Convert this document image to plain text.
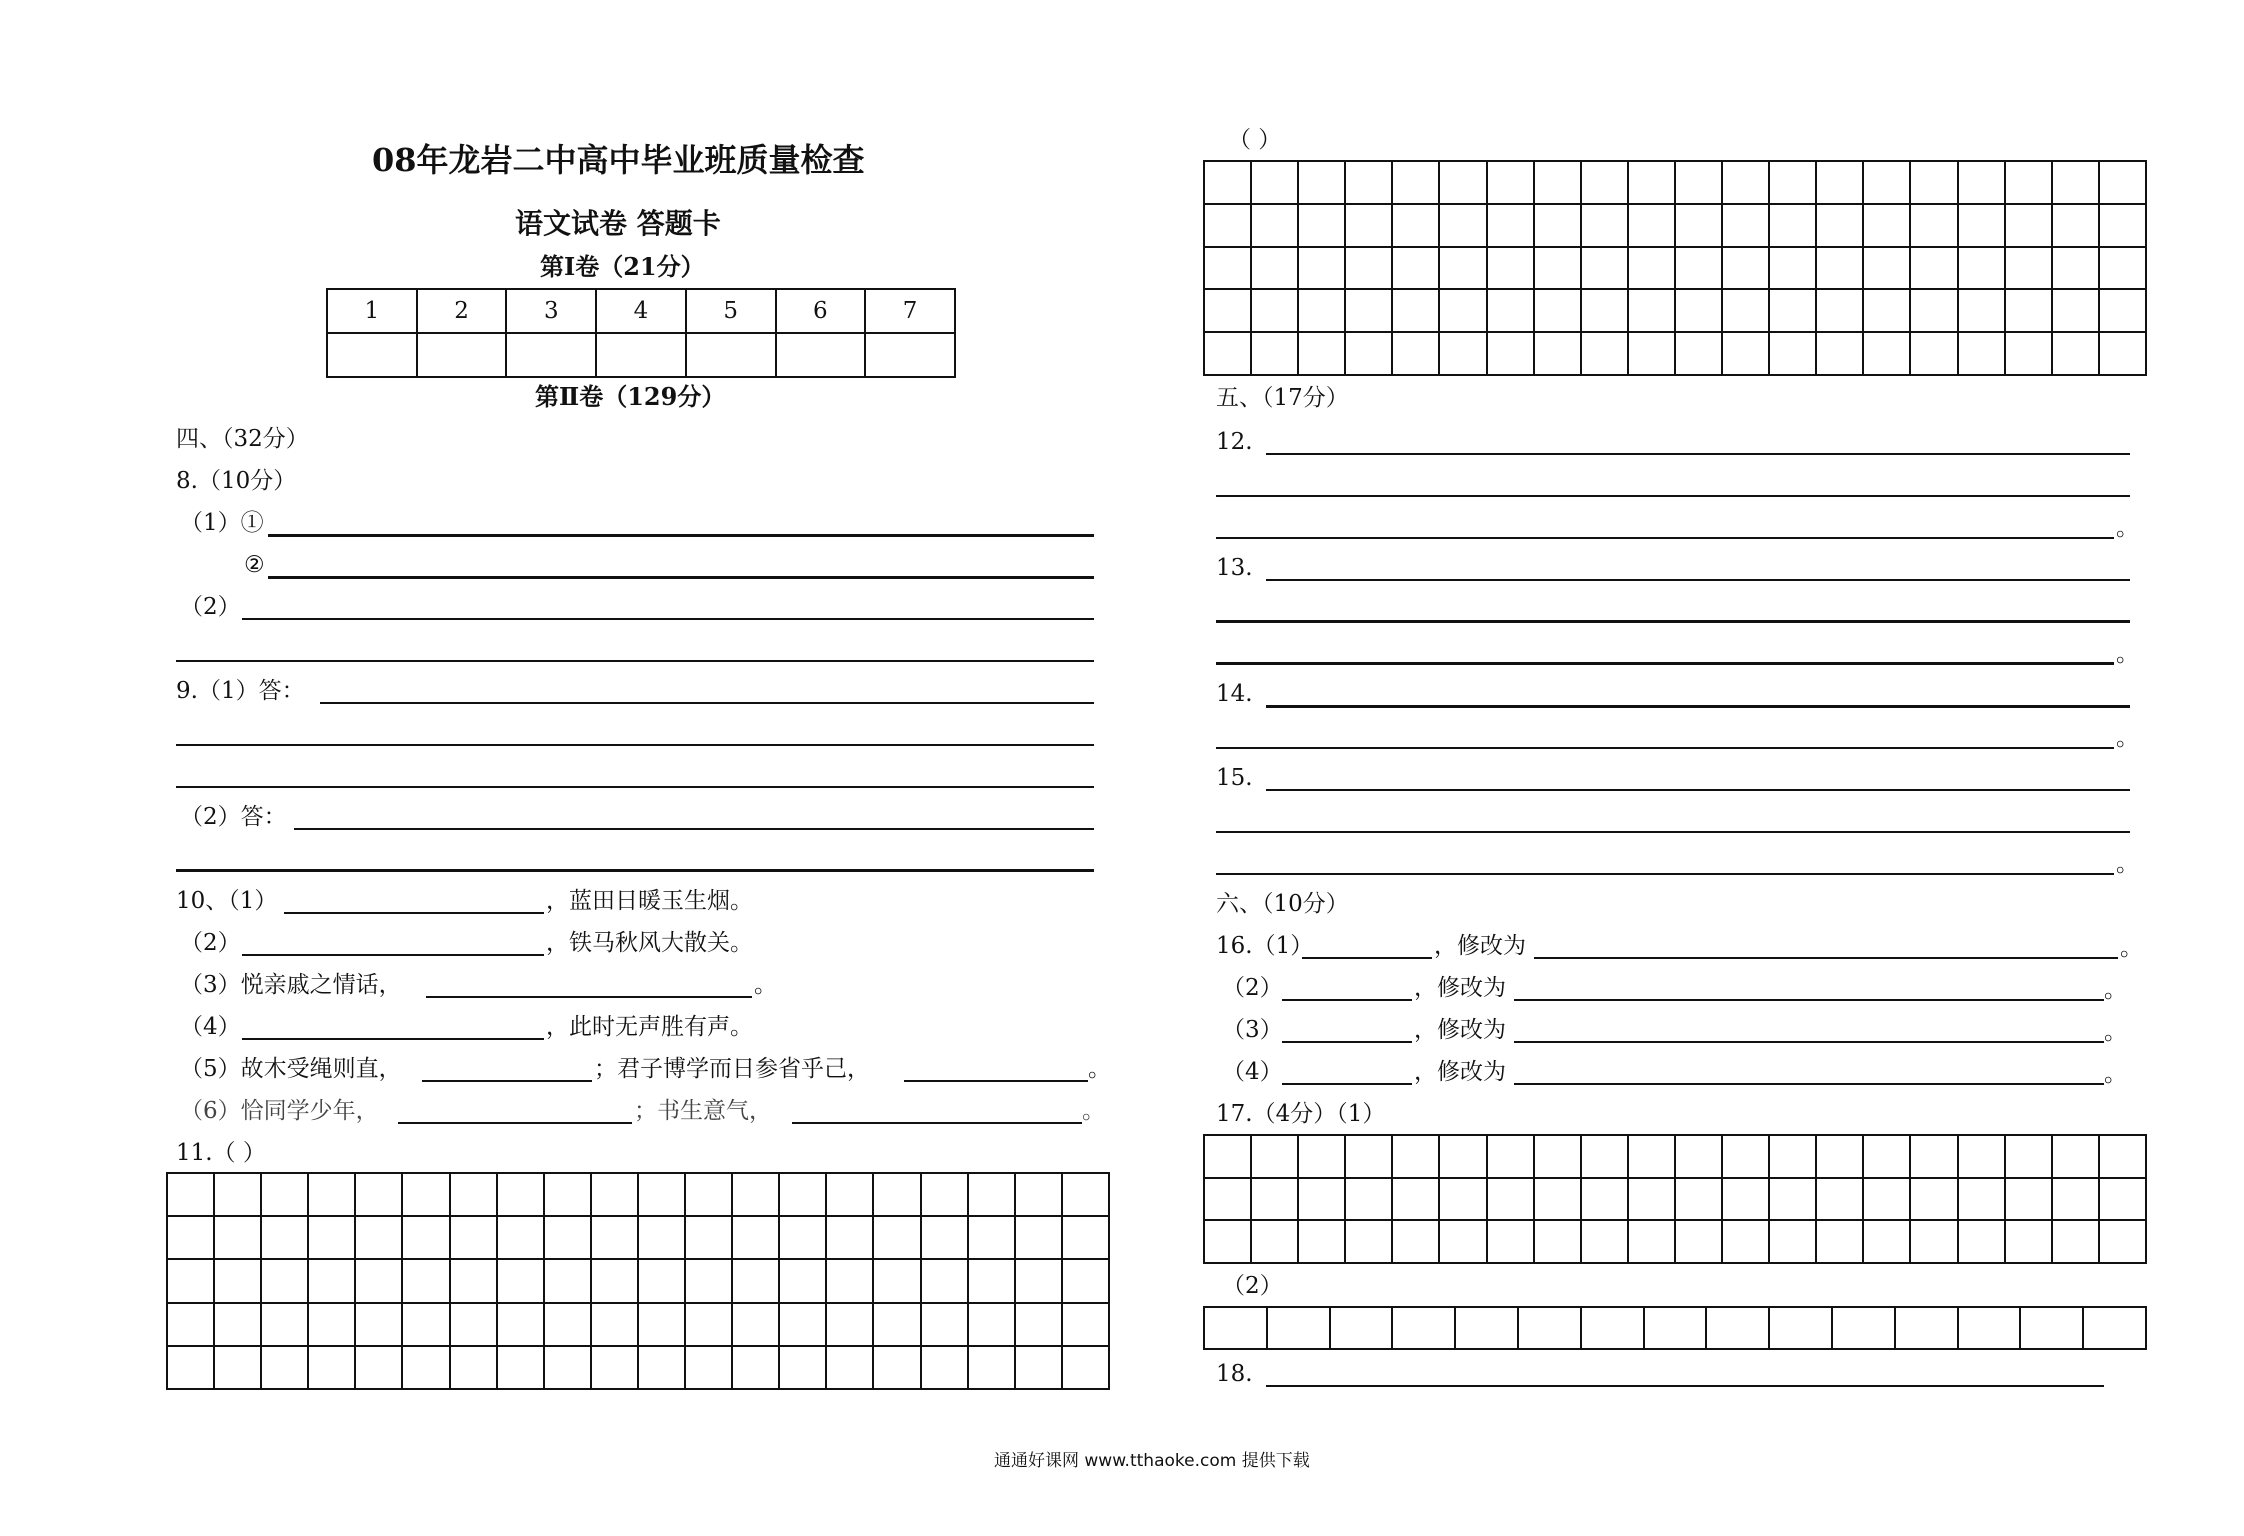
08年龙岩二中高中毕业班质量检查
语文试卷 答题卡
第Ⅰ卷（21分）
1	2	3	4	5	6	7

第Ⅱ卷（129分）
四、（32分）
8.（10分）
（1）①
②
（2）
9.（1）答：
（2）答：
10、（1）	，蓝田日暖玉生烟。
（2）	，铁马秋风大散关。
（3）悦亲戚之情话，	。
（4）	，此时无声胜有声。
（5）故木受绳则直，	；君子博学而日参省乎己，	。
（6）恰同学少年，	；书生意气，	。
11.（ ）

（ ）

五、（17分）
12.
。
13.
。
14.
。
15.
。
六、（10分）
16.（1）	，修改为	。
（2）	，修改为	。
（3）	，修改为	。
（4）	，修改为	。
17.（4分）（1）

（2）

18.
通通好课网 www.tthaoke.com 提供下载
